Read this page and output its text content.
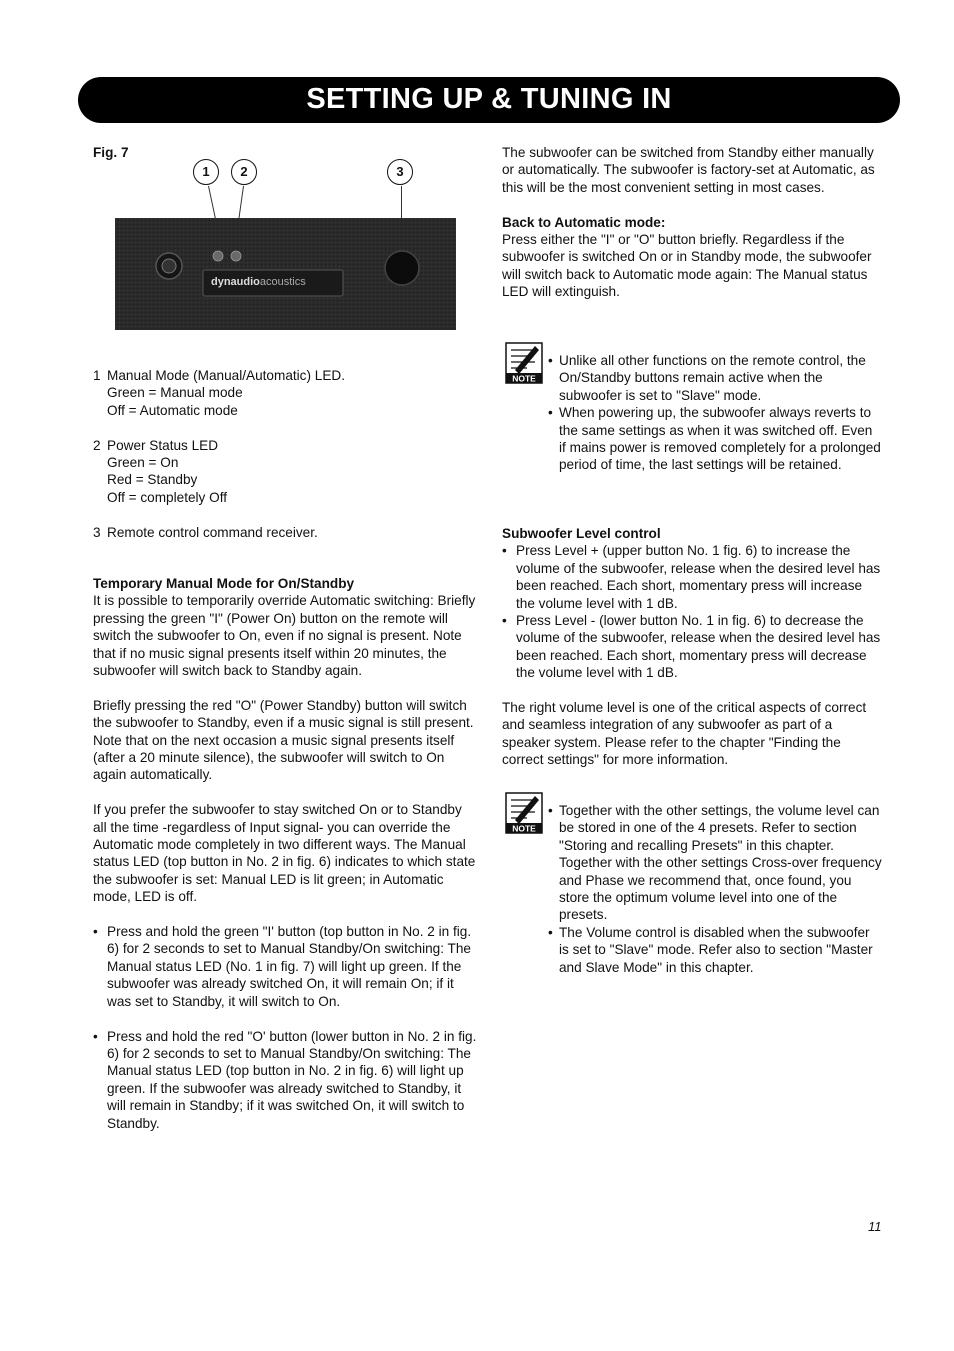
SETTING UP & TUNING IN
Fig. 7
1	2	3
dynaudioacoustics
1 Manual Mode (Manual/Automatic) LED.

Green = Manual mode

Off = Automatic mode

2 Power Status LED

Green = On

Red = Standby

Off = completely Off

3 Remote control command receiver.

Temporary Manual Mode for On/Standby

It is possible to temporarily override Automatic switching: Briefly pressing the green "I" (Power On) button on the remote will switch the subwoofer to On, even if no signal is present. Note that if no music signal presents itself within 20 minutes, the subwoofer will switch back to Standby again.

Briefly pressing the red "O" (Power Standby) button will switch the subwoofer to Standby, even if a music signal is still present. Note that on the next occasion a music signal presents itself (after a 20 minute silence), the subwoofer will switch to On again automatically.

If you prefer the subwoofer to stay switched On or to Standby all the time -regardless of Input signal- you can override the Automatic mode completely in two different ways. The Manual status LED (top button in No. 2 in fig. 6) indicates to which state the subwoofer is set: Manual LED is lit green; in Automatic mode, LED is off.

• Press and hold the green "I' button (top button in No. 2 in fig. 6) for 2 seconds to set to Manual Standby/On switching: The Manual status LED (No. 1 in fig. 7) will light up green. If the subwoofer was already switched On, it will remain On; if it was set to Standby, it will switch to On.

• Press and hold the red "O' button (lower button in No. 2 in fig. 6) for 2 seconds to set to Manual Standby/On switching: The Manual status LED (top button in No. 2 in fig. 6) will light up green. If the subwoofer was already switched to Standby, it will remain in Standby; if it was switched On, it will switch to Standby.

The subwoofer can be switched from Standby either manually or automatically. The subwoofer is factory-set at Automatic, as this will be the most convenient setting in most cases.

Back to Automatic mode:

Press either the "I" or "O" button briefly. Regardless if the subwoofer is switched On or in Standby mode, the subwoofer will switch back to Automatic mode again: The Manual status LED will extinguish.

NOTE
• Unlike all other functions on the remote control, the On/Standby buttons remain active when the subwoofer is set to "Slave" mode.

• When powering up, the subwoofer always reverts to the same settings as when it was switched off. Even if mains power is removed completely for a prolonged period of time, the last settings will be retained.

Subwoofer Level control

• Press Level + (upper button No. 1 fig. 6) to increase the volume of the subwoofer, release when the desired level has been reached. Each short, momentary press will increase the volume level with 1 dB.

• Press Level - (lower button No. 1 in fig. 6) to decrease the volume of the subwoofer, release when the desired level has been reached. Each short, momentary press will decrease the volume level with 1 dB.

The right volume level is one of the critical aspects of correct and seamless integration of any subwoofer as part of a speaker system. Please refer to the chapter "Finding the correct settings" for more information.

NOTE
• Together with the other settings, the volume level can be stored in one of the 4 presets. Refer to section "Storing and recalling Presets" in this chapter. Together with the other settings Cross-over frequency and Phase we recommend that, once found, you store the optimum volume level into one of the presets.

• The Volume control is disabled when the subwoofer is set to "Slave" mode. Refer also to section "Master and Slave Mode" in this chapter.

11
